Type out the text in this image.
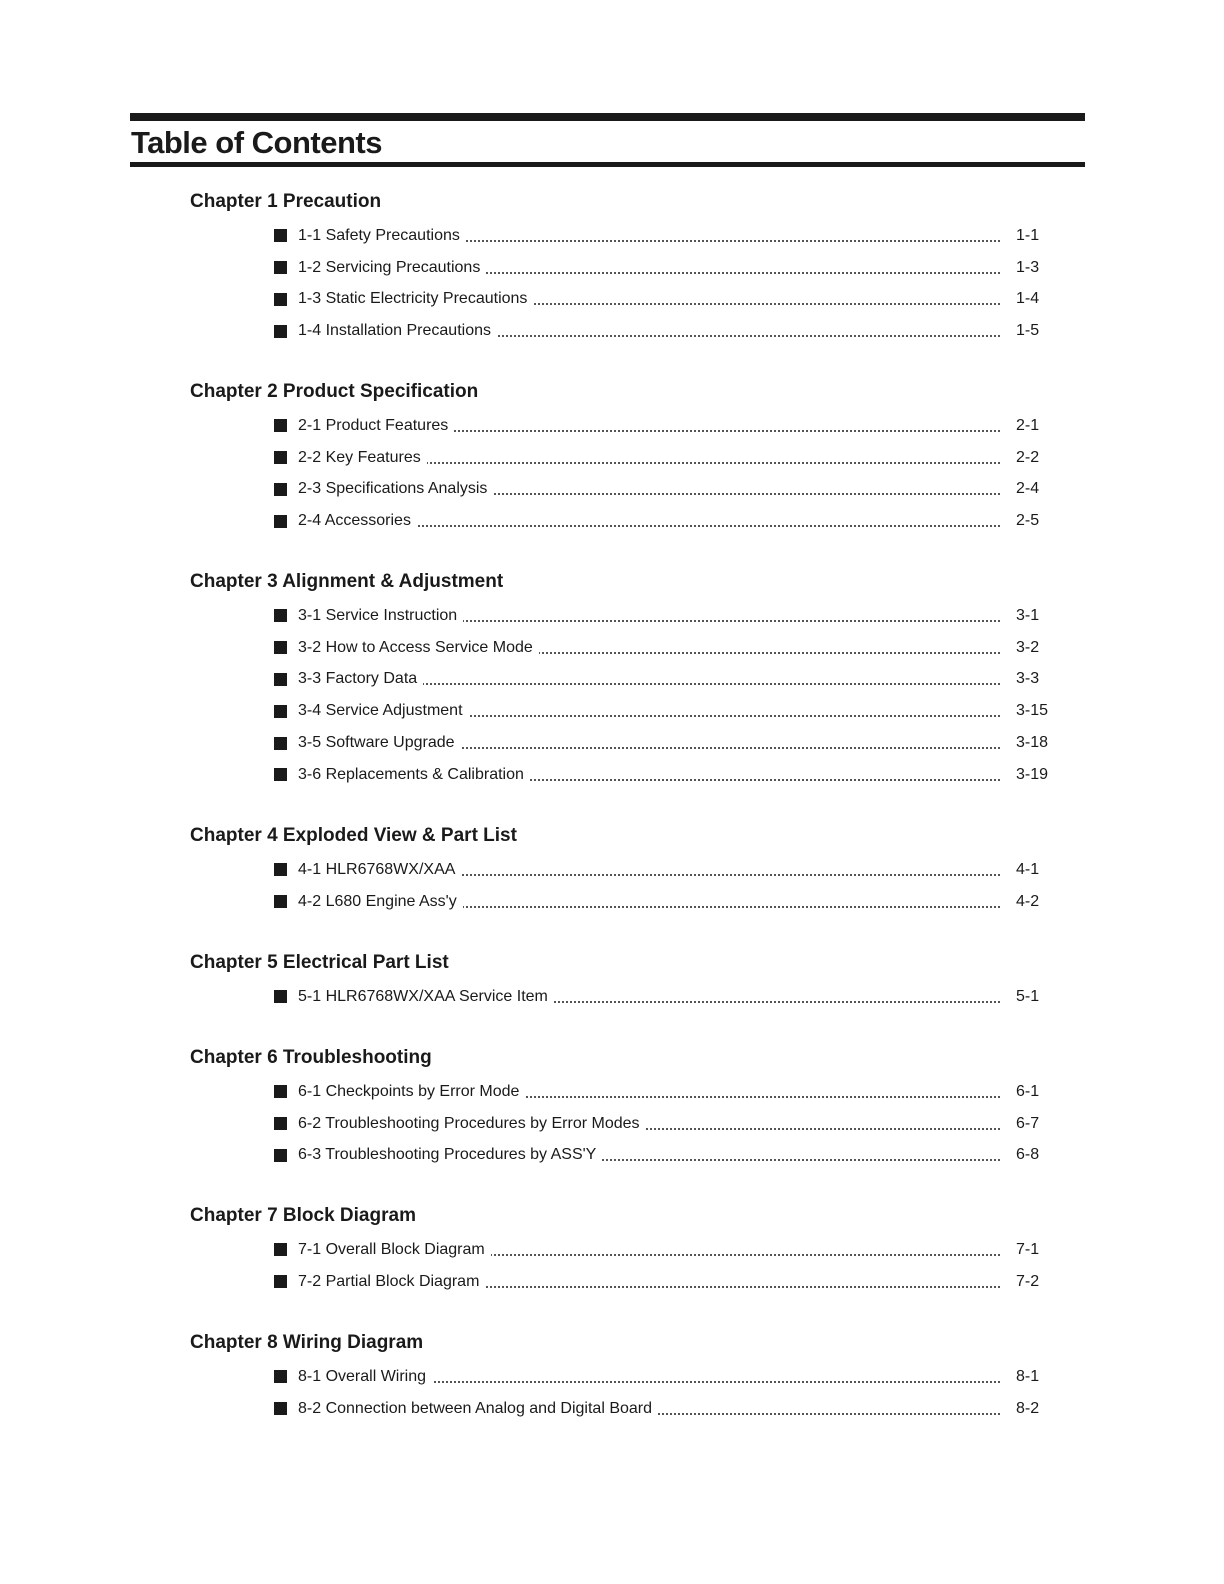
Table of Contents
Chapter 1 Precaution
1-1 Safety Precautions	1-1
1-2 Servicing Precautions	1-3
1-3 Static Electricity Precautions	1-4
1-4 Installation Precautions	1-5
Chapter 2 Product Specification
2-1 Product Features	2-1
2-2 Key Features	2-2
2-3 Specifications Analysis	2-4
2-4 Accessories	2-5
Chapter 3 Alignment & Adjustment
3-1 Service Instruction	3-1
3-2 How to Access Service Mode	3-2
3-3 Factory Data	3-3
3-4 Service Adjustment	3-15
3-5 Software Upgrade	3-18
3-6 Replacements & Calibration	3-19
Chapter 4 Exploded View & Part List
4-1 HLR6768WX/XAA	4-1
4-2 L680 Engine Ass'y	4-2
Chapter 5 Electrical Part List
5-1 HLR6768WX/XAA Service Item	5-1
Chapter 6 Troubleshooting
6-1 Checkpoints by Error Mode	6-1
6-2 Troubleshooting Procedures by Error Modes	6-7
6-3 Troubleshooting Procedures by ASS'Y	6-8
Chapter 7 Block Diagram
7-1 Overall Block Diagram	7-1
7-2 Partial Block Diagram	7-2
Chapter 8 Wiring Diagram
8-1 Overall Wiring	8-1
8-2 Connection between Analog and Digital Board	8-2
